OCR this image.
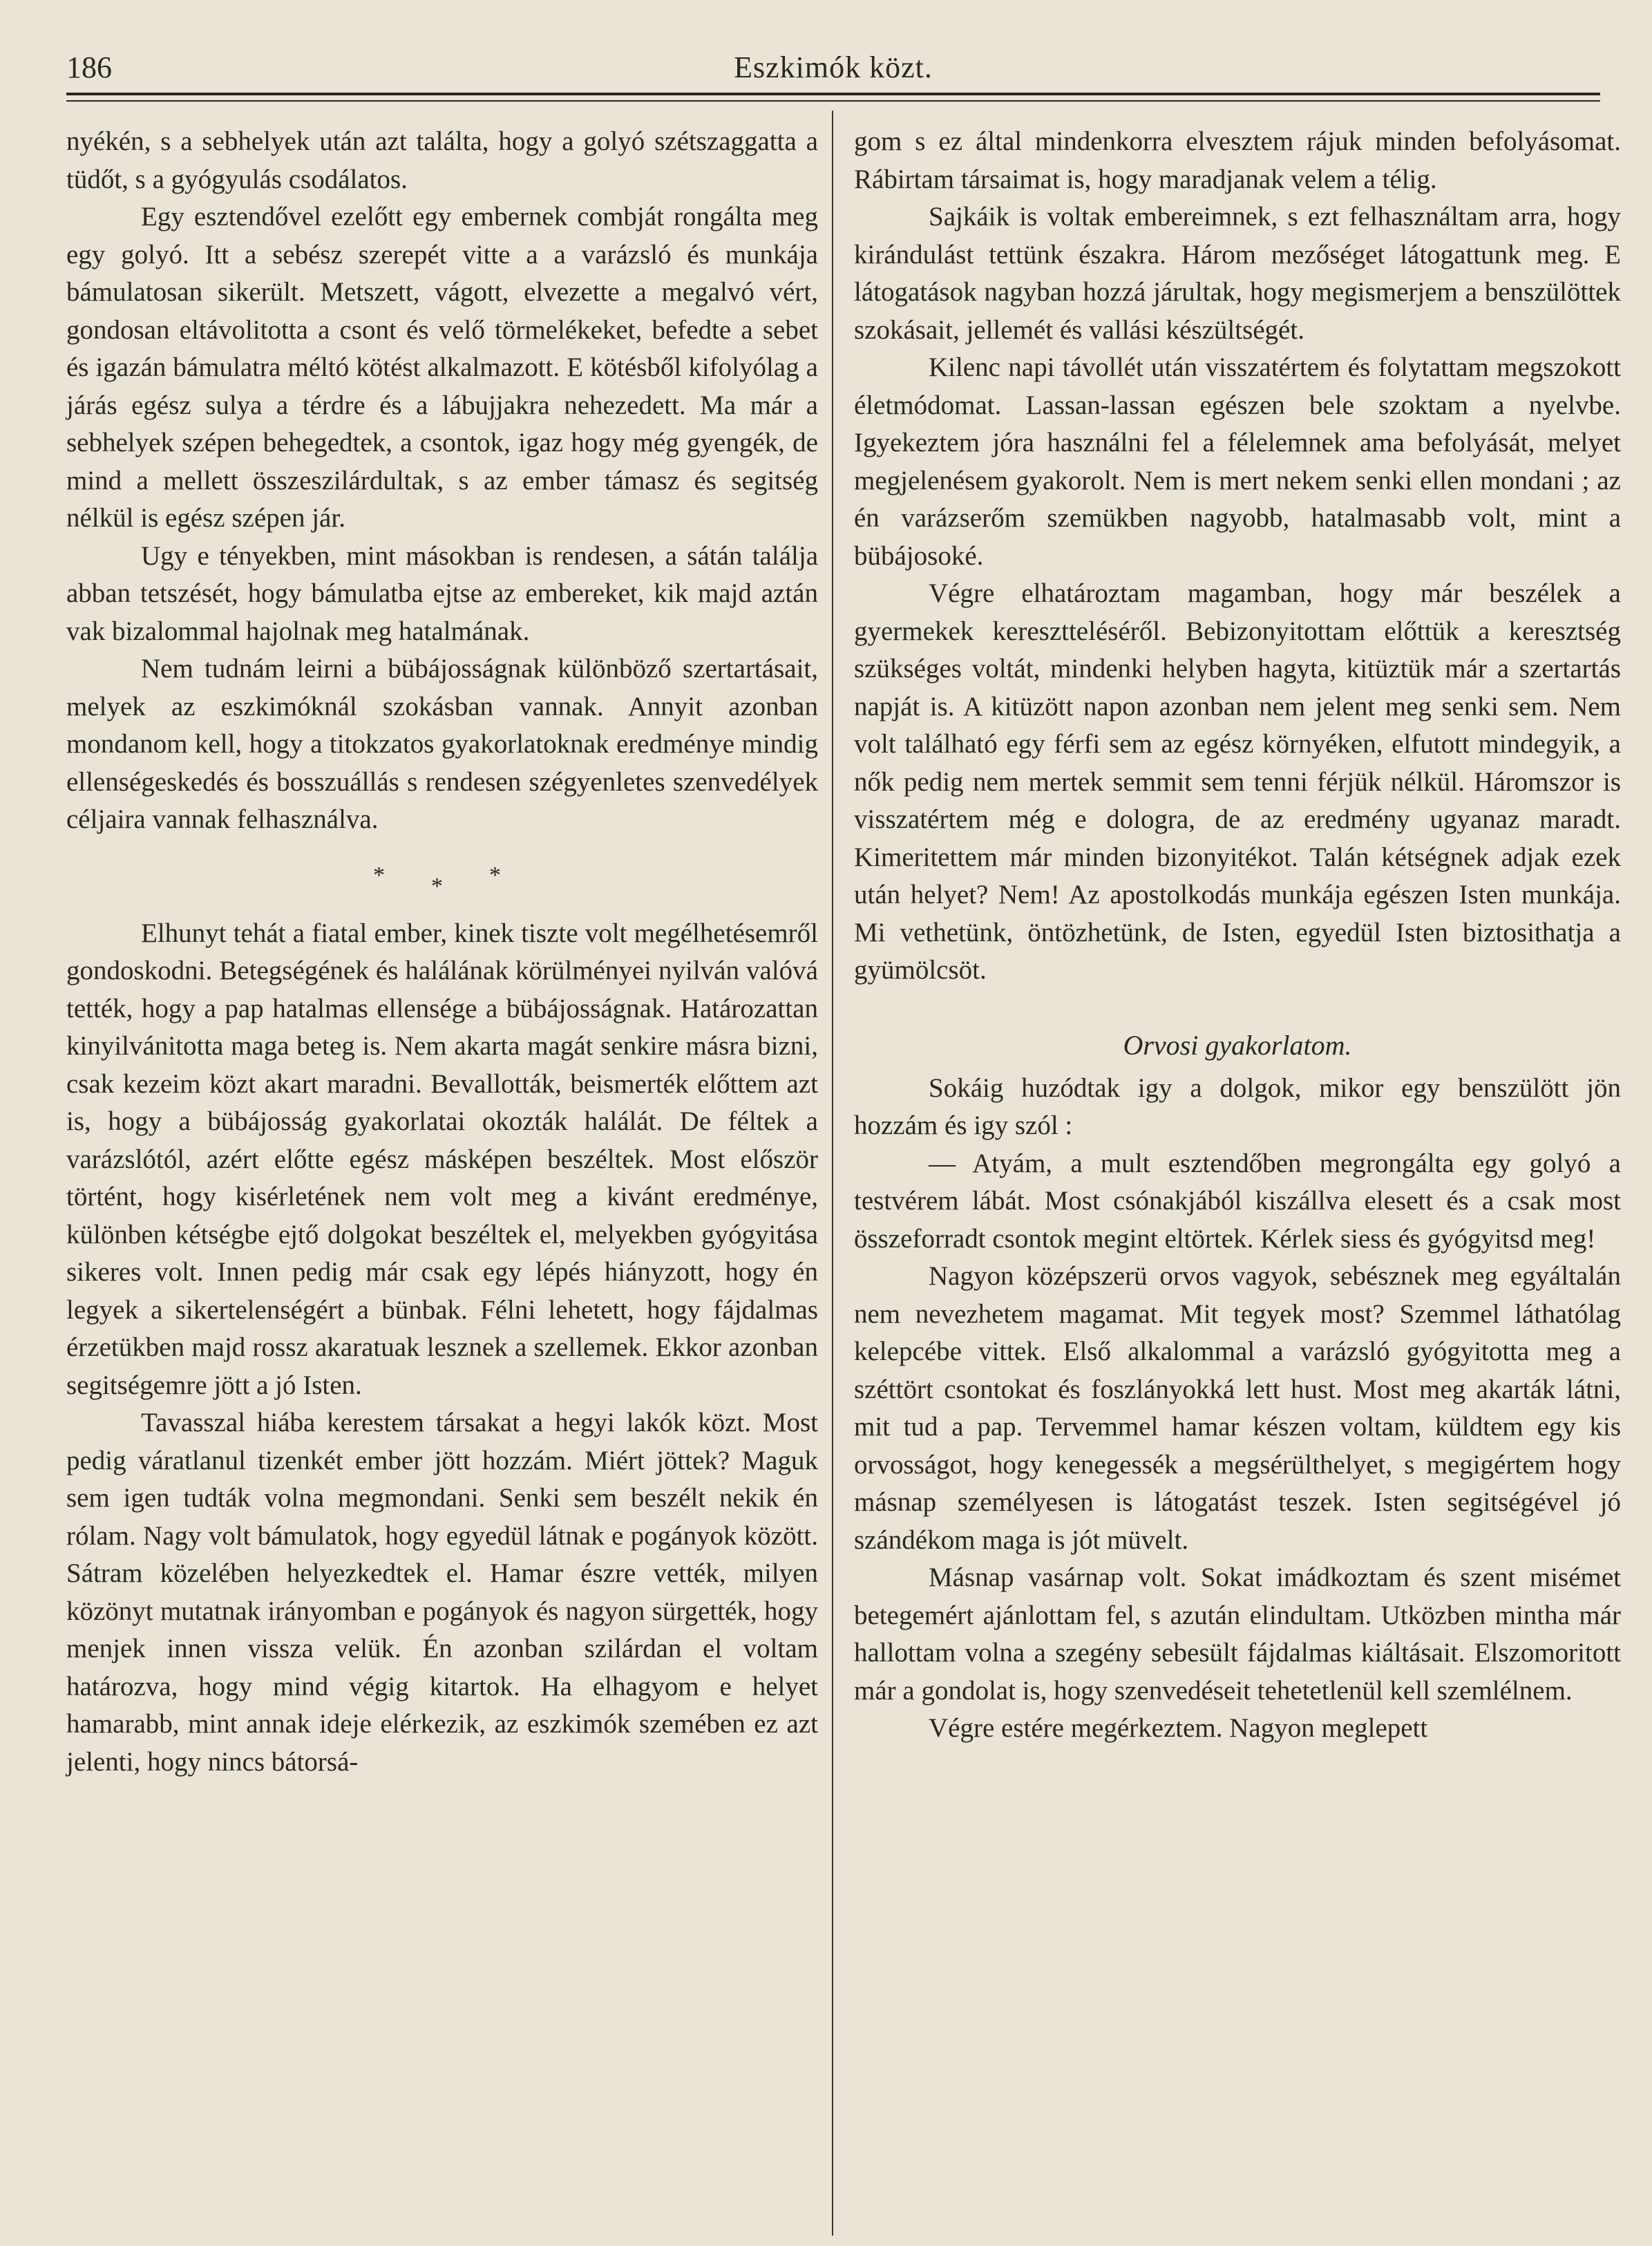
186	Eszkimók közt.

nyékén, s a sebhelyek után azt találta, hogy a golyó szétszaggatta a tüdőt, s a gyógyulás csodálatos.

Egy esztendővel ezelőtt egy embernek combját rongálta meg egy golyó. Itt a sebész szerepét vitte a a varázsló és munkája bámulatosan sikerült. Metszett, vágott, elvezette a megalvó vért, gondosan eltávolitotta a csont és velő törmelékeket, befedte a sebet és igazán bámulatra méltó kötést alkalmazott. E kötésből kifolyólag a járás egész sulya a térdre és a lábujjakra nehezedett. Ma már a sebhelyek szépen behegedtek, a csontok, igaz hogy még gyengék, de mind a mellett összeszilárdultak, s az ember támasz és segitség nélkül is egész szépen jár.

Ugy e tényekben, mint másokban is rendesen, a sátán találja abban tetszését, hogy bámulatba ejtse az embereket, kik majd aztán vak bizalommal hajolnak meg hatalmának.

Nem tudnám leirni a bübájosságnak különböző szertartásait, melyek az eszkimóknál szokásban vannak. Annyit azonban mondanom kell, hogy a titokzatos gyakorlatoknak eredménye mindig ellenségeskedés és bosszuállás s rendesen szégyenletes szenvedélyek céljaira vannak felhasználva.

* * *

Elhunyt tehát a fiatal ember, kinek tiszte volt megélhetésemről gondoskodni. Betegségének és halálának körülményei nyilván valóvá tették, hogy a pap hatalmas ellensége a bübájosságnak. Határozattan kinyilvánitotta maga beteg is. Nem akarta magát senkire másra bizni, csak kezeim közt akart maradni. Bevallották, beismerték előttem azt is, hogy a bübájosság gyakorlatai okozták halálát. De féltek a varázslótól, azért előtte egész másképen beszéltek. Most először történt, hogy kisérletének nem volt meg a kivánt eredménye, különben kétségbe ejtő dolgokat beszéltek el, melyekben gyógyitása sikeres volt. Innen pedig már csak egy lépés hiányzott, hogy én legyek a sikertelenségért a bünbak. Félni lehetett, hogy fájdalmas érzetükben majd rossz akaratuak lesznek a szellemek. Ekkor azonban segitségemre jött a jó Isten.

Tavasszal hiába kerestem társakat a hegyi lakók közt. Most pedig váratlanul tizenkét ember jött hozzám. Miért jöttek? Maguk sem igen tudták volna megmondani. Senki sem beszélt nekik én rólam. Nagy volt bámulatok, hogy egyedül látnak e pogányok között. Sátram közelében helyezkedtek el. Hamar észre vették, milyen közönyt mutatnak irányomban e pogányok és nagyon sürgették, hogy menjek innen vissza velük. Én azonban szilárdan el voltam határozva, hogy mind végig kitartok. Ha elhagyom e helyet hamarabb, mint annak ideje elérkezik, az eszkimók szemében ez azt jelenti, hogy nincs bátorsá-

gom s ez által mindenkorra elvesztem rájuk minden befolyásomat. Rábirtam társaimat is, hogy maradjanak velem a télig.

Sajkáik is voltak embereimnek, s ezt felhasználtam arra, hogy kirándulást tettünk északra. Három mezőséget látogattunk meg. E látogatások nagyban hozzá járultak, hogy megismerjem a benszülöttek szokásait, jellemét és vallási készültségét.

Kilenc napi távollét után visszatértem és folytattam megszokott életmódomat. Lassan-lassan egészen bele szoktam a nyelvbe. Igyekeztem jóra használni fel a félelemnek ama befolyását, melyet megjelenésem gyakorolt. Nem is mert nekem senki ellen mondani ; az én varázserőm szemükben nagyobb, hatalmasabb volt, mint a bübájosoké.

Végre elhatároztam magamban, hogy már beszélek a gyermekek keresztteléséről. Bebizonyitottam előttük a keresztség szükséges voltát, mindenki helyben hagyta, kitüztük már a szertartás napját is. A kitüzött napon azonban nem jelent meg senki sem. Nem volt található egy férfi sem az egész környéken, elfutott mindegyik, a nők pedig nem mertek semmit sem tenni férjük nélkül. Háromszor is visszatértem még e dologra, de az eredmény ugyanaz maradt. Kimeritettem már minden bizonyitékot. Talán kétségnek adjak ezek után helyet? Nem! Az apostolkodás munkája egészen Isten munkája. Mi vethetünk, öntözhetünk, de Isten, egyedül Isten biztosithatja a gyümölcsöt.

Orvosi gyakorlatom.

Sokáig huzódtak igy a dolgok, mikor egy benszülött jön hozzám és igy szól :

— Atyám, a mult esztendőben megrongálta egy golyó a testvérem lábát. Most csónakjából kiszállva elesett és a csak most összeforradt csontok megint eltörtek. Kérlek siess és gyógyitsd meg!

Nagyon középszerü orvos vagyok, sebésznek meg egyáltalán nem nevezhetem magamat. Mit tegyek most? Szemmel láthatólag kelepcébe vittek. Első alkalommal a varázsló gyógyitotta meg a széttört csontokat és foszlányokká lett hust. Most meg akarták látni, mit tud a pap. Tervemmel hamar készen voltam, küldtem egy kis orvosságot, hogy kenegessék a megsérülthelyet, s megigértem hogy másnap személyesen is látogatást teszek. Isten segitségével jó szándékom maga is jót müvelt.

Másnap vasárnap volt. Sokat imádkoztam és szent misémet betegemért ajánlottam fel, s azután elindultam. Utközben mintha már hallottam volna a szegény sebesült fájdalmas kiáltásait. Elszomoritott már a gondolat is, hogy szenvedéseit tehetetlenül kell szemlélnem.

Végre estére megérkeztem. Nagyon meglepett
